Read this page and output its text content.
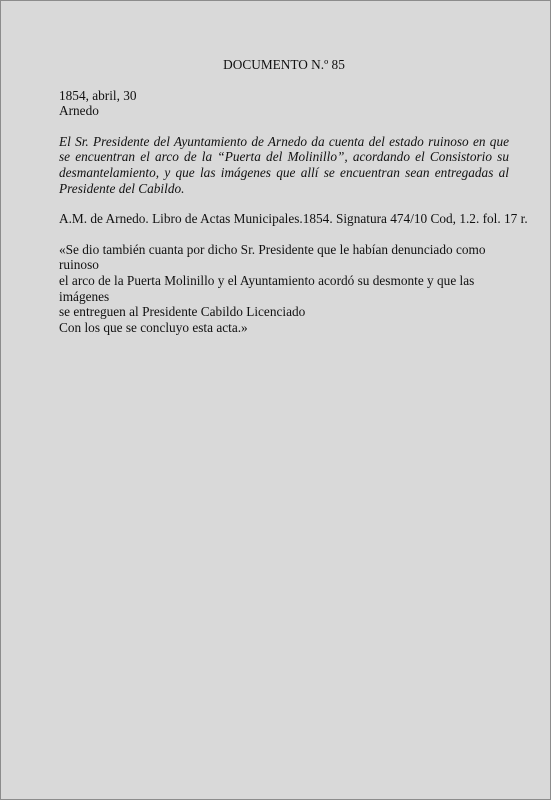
DOCUMENTO N.º 85
1854, abril, 30
Arnedo

El Sr. Presidente del Ayuntamiento de Arnedo da cuenta del estado ruinoso en que se encuentran el arco de la “Puerta del Molinillo”, acordando el Consistorio su desmantelamiento, y que las imágenes que allí se encuentran sean entregadas al Presidente del Cabildo.

A.M. de Arnedo. Libro de Actas Municipales.1854. Signatura 474/10 Cod, 1.2. fol. 17 r.

«Se dio también cuanta por dicho Sr. Presidente que le habían denunciado como ruinoso
el arco de la Puerta Molinillo y el Ayuntamiento acordó su desmonte y que las imágenes
se entreguen al Presidente Cabildo Licenciado
Con los que se concluyo esta acta.»
